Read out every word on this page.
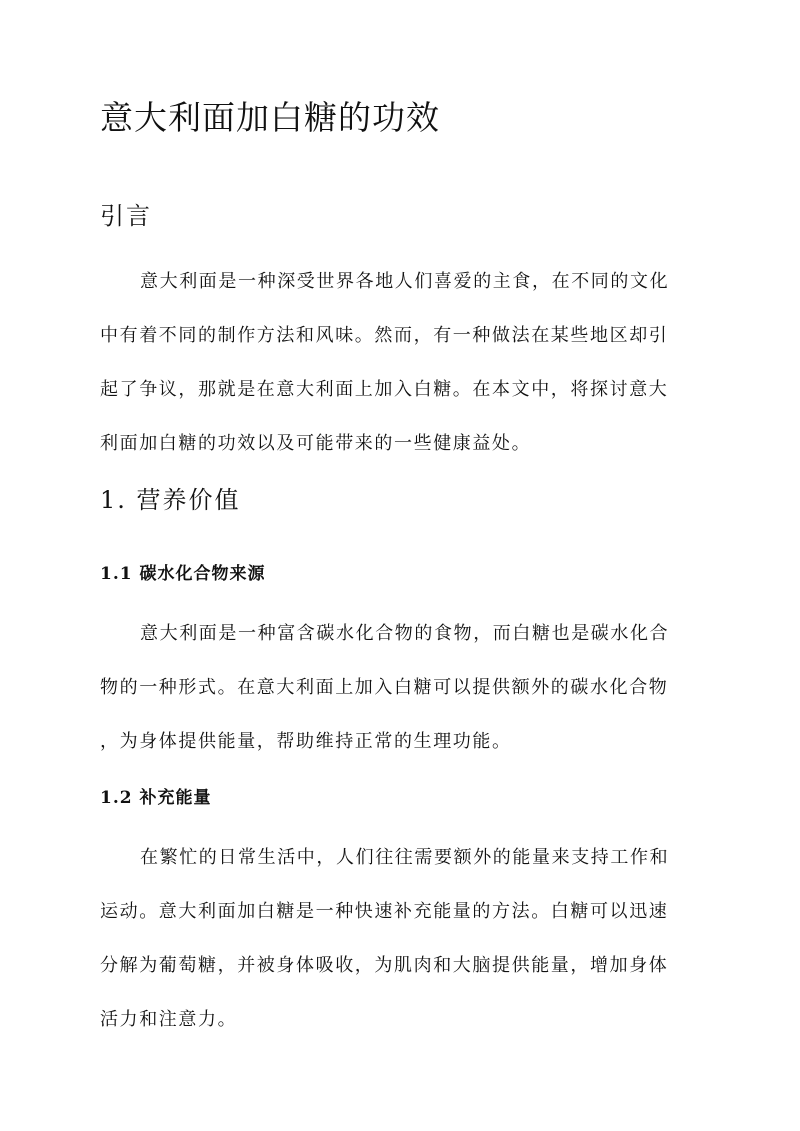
意大利面加白糖的功效
引言
意大利面是一种深受世界各地人们喜爱的主食，在不同的文化
中有着不同的制作方法和风味。然而，有一种做法在某些地区却引
起了争议，那就是在意大利面上加入白糖。在本文中，将探讨意大
利面加白糖的功效以及可能带来的一些健康益处。
1. 营养价值
1.1 碳水化合物来源
意大利面是一种富含碳水化合物的食物，而白糖也是碳水化合
物的一种形式。在意大利面上加入白糖可以提供额外的碳水化合物
，为身体提供能量，帮助维持正常的生理功能。
1.2 补充能量
在繁忙的日常生活中，人们往往需要额外的能量来支持工作和
运动。意大利面加白糖是一种快速补充能量的方法。白糖可以迅速
分解为葡萄糖，并被身体吸收，为肌肉和大脑提供能量，增加身体
活力和注意力。
